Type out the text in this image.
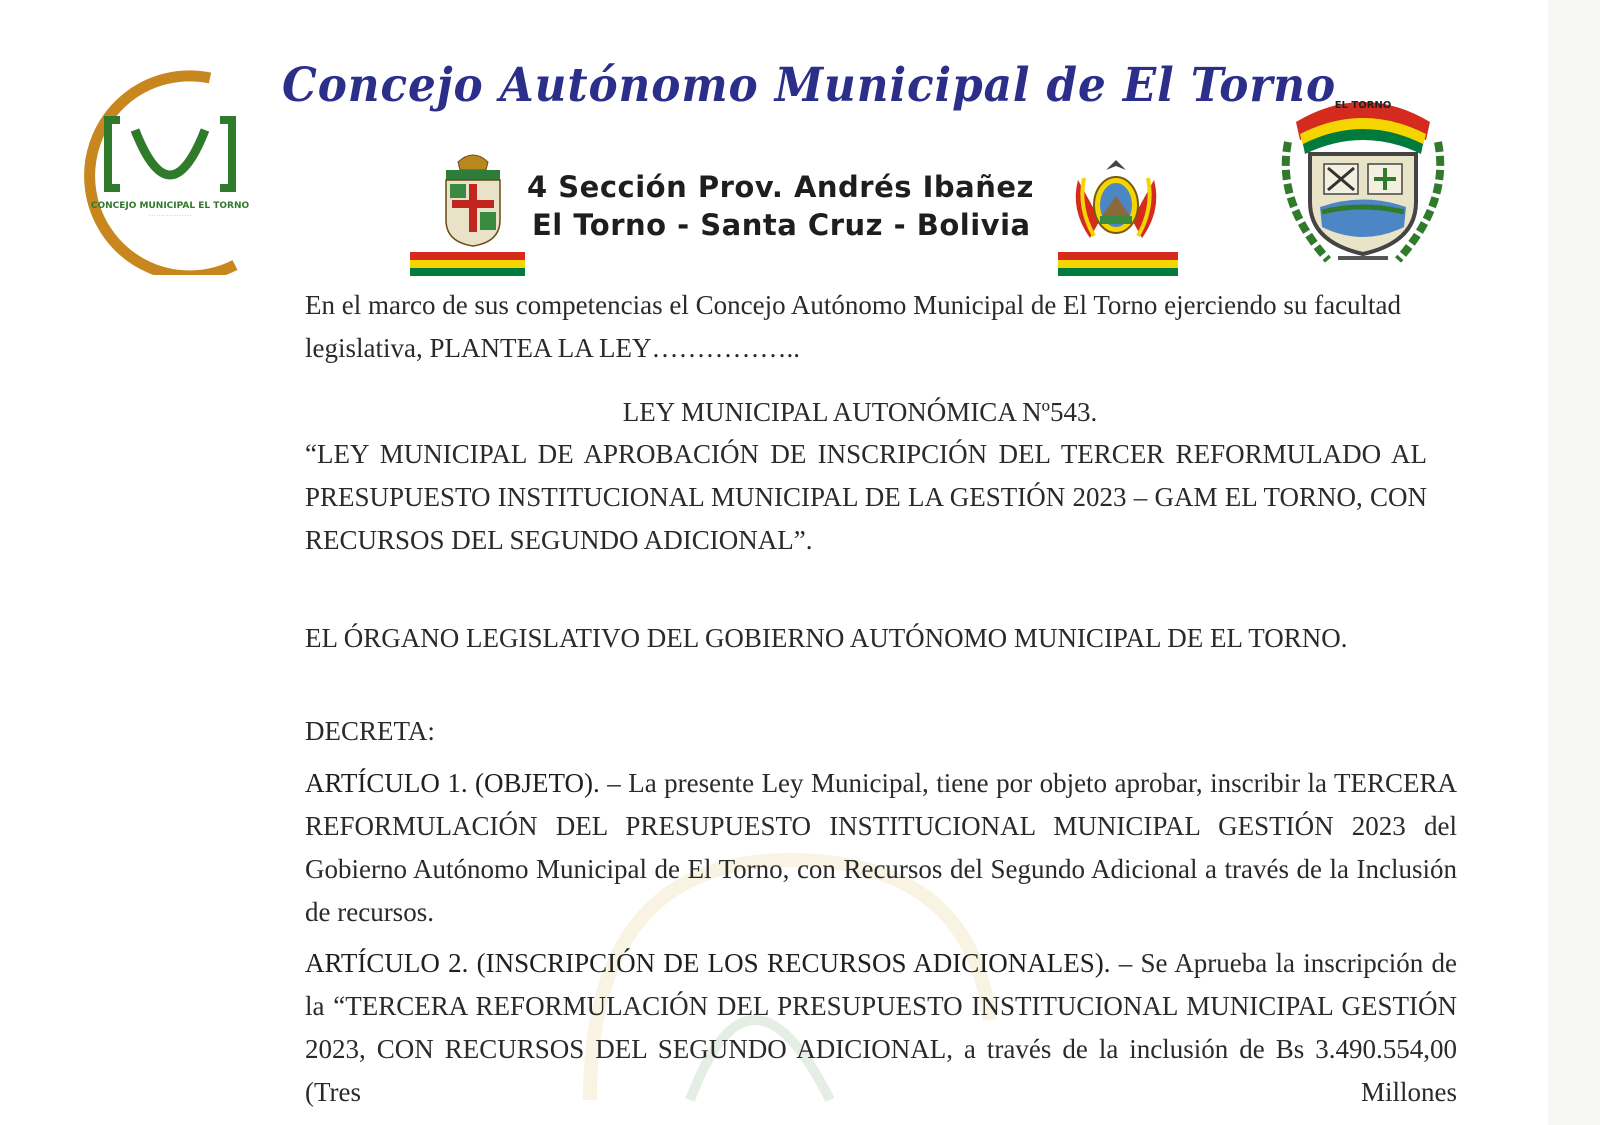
CONCEJO MUNICIPAL EL TORNO
· · · · · · · · · · · · · · · · ·
Concejo Autónomo Municipal de El Torno
4 Sección Prov. Andrés Ibañez
El Torno - Santa Cruz - Bolivia
EL TORNO
En el marco de sus competencias el Concejo Autónomo Municipal de El Torno ejerciendo su facultad legislativa, PLANTEA LA LEY……………..
LEY MUNICIPAL AUTONÓMICA Nº543.
“LEY MUNICIPAL DE APROBACIÓN DE INSCRIPCIÓN DEL TERCER REFORMULADO AL PRESUPUESTO INSTITUCIONAL MUNICIPAL DE LA GESTIÓN 2023 – GAM EL TORNO, CON RECURSOS DEL SEGUNDO ADICIONAL”.
EL ÓRGANO LEGISLATIVO DEL GOBIERNO AUTÓNOMO MUNICIPAL DE EL TORNO.
DECRETA:
ARTÍCULO 1. (OBJETO). – La presente Ley Municipal, tiene por objeto aprobar, inscribir la TERCERA REFORMULACIÓN DEL PRESUPUESTO INSTITUCIONAL MUNICIPAL GESTIÓN 2023 del Gobierno Autónomo Municipal de El Torno, con Recursos del Segundo Adicional a través de la Inclusión de recursos.
ARTÍCULO 2. (INSCRIPCIÓN DE LOS RECURSOS ADICIONALES). – Se Aprueba la inscripción de la “TERCERA REFORMULACIÓN DEL PRESUPUESTO INSTITUCIONAL MUNICIPAL GESTIÓN 2023, CON RECURSOS DEL SEGUNDO ADICIONAL, a través de la inclusión de Bs 3.490.554,00 (Tres Millones
